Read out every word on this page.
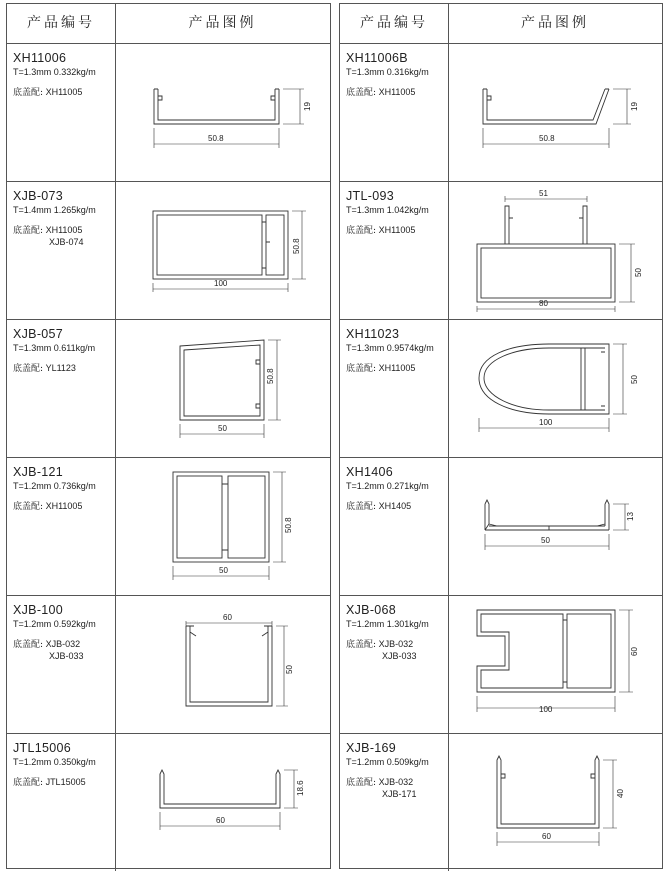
产品编号	产品图例
XH11006
T=1.3mm 0.332kg/m
底盖配: XH11005
50.8
19
XJB-073
T=1.4mm 1.265kg/m
底盖配: XH11005
XJB-074
100
50.8
XJB-057
T=1.3mm 0.611kg/m
底盖配: YL1123
50
50.8
XJB-121
T=1.2mm 0.736kg/m
底盖配: XH11005
50
50.8
XJB-100
T=1.2mm 0.592kg/m
底盖配: XJB-032
XJB-033
60
50
JTL15006
T=1.2mm 0.350kg/m
底盖配: JTL15005
60
18.6
产品编号	产品图例
XH11006B
T=1.3mm 0.316kg/m
底盖配: XH11005
50.8
19
JTL-093
T=1.3mm 1.042kg/m
底盖配: XH11005
51
80
50
XH11023
T=1.3mm 0.9574kg/m
底盖配: XH11005
100
50
XH1406
T=1.2mm 0.271kg/m
底盖配: XH1405
50
13
XJB-068
T=1.2mm 1.301kg/m
底盖配: XJB-032
XJB-033
100
60
XJB-169
T=1.2mm 0.509kg/m
底盖配: XJB-032
XJB-171
60
40
